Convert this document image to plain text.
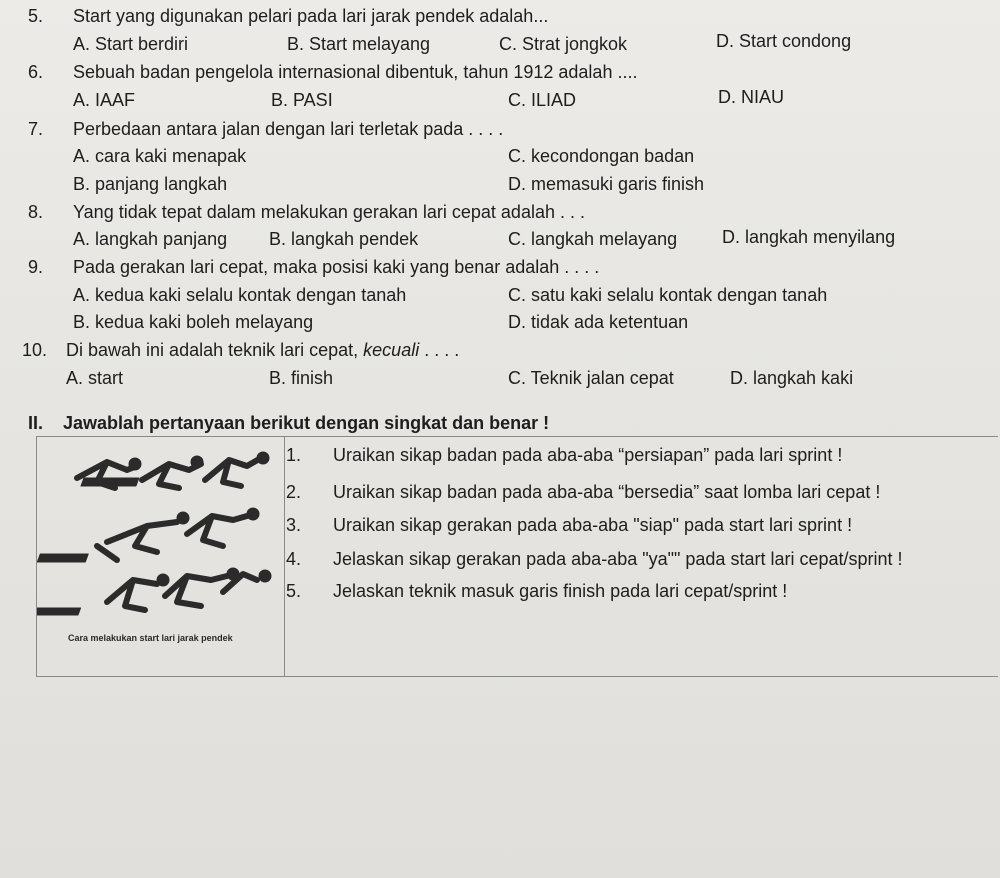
5. Start yang digunakan pelari pada lari jarak pendek adalah...
A. Start berdiri	B. Start melayang	C. Strat jongkok	D. Start condong
6. Sebuah badan pengelola internasional dibentuk, tahun 1912 adalah ....
A. IAAF	B. PASI	C. ILIAD	D. NIAU
7. Perbedaan antara jalan dengan lari terletak pada . . . .
A. cara kaki menapak	C. kecondongan badan
B. panjang langkah	D. memasuki garis finish
8. Yang tidak tepat dalam melakukan gerakan lari cepat adalah . . .
A. langkah panjang B. langkah pendek	C. langkah melayang D. langkah menyilang
9. Pada gerakan lari cepat, maka posisi kaki yang benar adalah . . . .
A. kedua kaki selalu kontak dengan tanah	C. satu kaki selalu kontak dengan tanah
B. kedua kaki boleh melayang	D. tidak ada ketentuan
10. Di bawah ini adalah teknik lari cepat, kecuali . . . .
A. start	B. finish	C. Teknik jalan cepat	D. langkah kaki
II. Jawablah pertanyaan berikut dengan singkat dan benar !
Cara melakukan start lari jarak pendek
1. Uraikan sikap badan pada aba-aba “persiapan” pada lari sprint !
2. Uraikan sikap badan pada aba-aba “bersedia” saat lomba lari cepat !
3. Uraikan sikap gerakan pada aba-aba "siap" pada start lari sprint !
4. Jelaskan sikap gerakan pada aba-aba "ya"" pada start lari cepat/sprint !
5. Jelaskan teknik masuk garis finish pada lari cepat/sprint !
